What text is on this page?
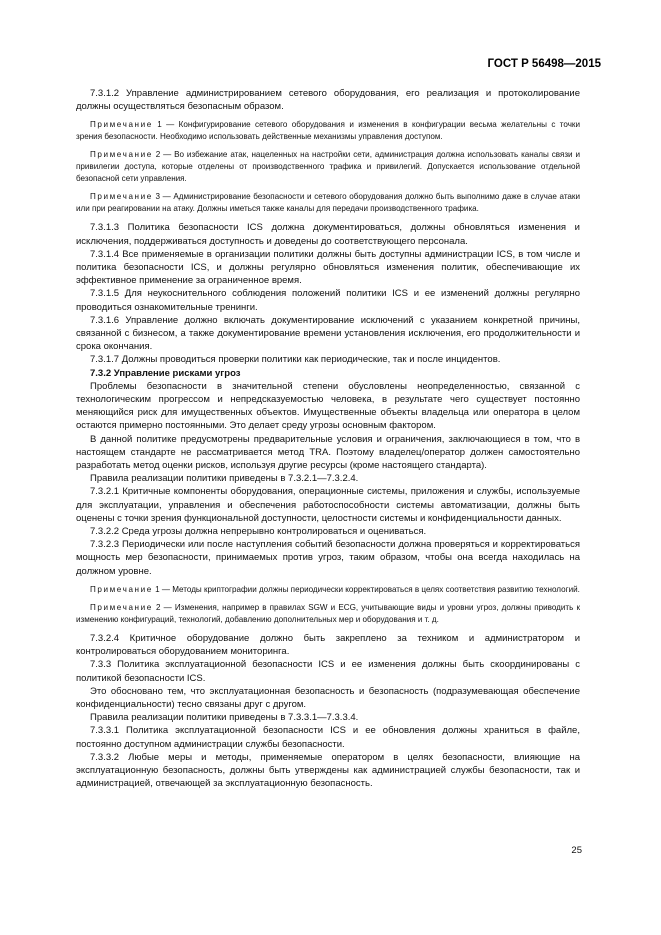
ГОСТ Р 56498—2015

7.3.1.2 Управление администрированием сетевого оборудования, его реализация и протоколирование должны осуществляться безопасным образом.

Примечание 1 — Конфигурирование сетевого оборудования и изменения в конфигурации весьма желательны с точки зрения безопасности. Необходимо использовать действенные механизмы управления доступом.

Примечание 2 — Во избежание атак, нацеленных на настройки сети, администрация должна использовать каналы связи и привилегии доступа, которые отделены от производственного трафика и привилегий. Допускается использование отдельной безопасной сети управления.

Примечание 3 — Администрирование безопасности и сетевого оборудования должно быть выполнимо даже в случае атаки или при реагировании на атаку. Должны иметься также каналы для передачи производственного трафика.

7.3.1.3 Политика безопасности ICS должна документироваться, должны обновляться изменения и исключения, поддерживаться доступность и доведены до соответствующего персонала.

7.3.1.4 Все применяемые в организации политики должны быть доступны администрации ICS, в том числе и политика безопасности ICS, и должны регулярно обновляться изменения политик, обеспечивающие их эффективное применение за ограниченное время.

7.3.1.5 Для неукоснительного соблюдения положений политики ICS и ее изменений должны регулярно проводиться ознакомительные тренинги.

7.3.1.6 Управление должно включать документирование исключений с указанием конкретной причины, связанной с бизнесом, а также документирование времени установления исключения, его продолжительности и срока окончания.

7.3.1.7 Должны проводиться проверки политики как периодические, так и после инцидентов.

7.3.2 Управление рисками угроз

Проблемы безопасности в значительной степени обусловлены неопределенностью, связанной с технологическим прогрессом и непредсказуемостью человека, в результате чего существует постоянно меняющийся риск для имущественных объектов. Имущественные объекты владельца или оператора в целом остаются примерно постоянными. Это делает среду угрозы основным фактором.

В данной политике предусмотрены предварительные условия и ограничения, заключающиеся в том, что в настоящем стандарте не рассматривается метод TRA. Поэтому владелец/оператор должен самостоятельно разработать метод оценки рисков, используя другие ресурсы (кроме настоящего стандарта).

Правила реализации политики приведены в 7.3.2.1—7.3.2.4.

7.3.2.1 Критичные компоненты оборудования, операционные системы, приложения и службы, используемые для эксплуатации, управления и обеспечения работоспособности системы автоматизации, должны быть оценены с точки зрения функциональной доступности, целостности системы и конфиденциальности данных.

7.3.2.2 Среда угрозы должна непрерывно контролироваться и оцениваться.

7.3.2.3 Периодически или после наступления событий безопасности должна проверяться и корректироваться мощность мер безопасности, принимаемых против угроз, таким образом, чтобы она всегда находилась на должном уровне.

Примечание 1 — Методы криптографии должны периодически корректироваться в целях соответствия развитию технологий.

Примечание 2 — Изменения, например в правилах SGW и ECG, учитывающие виды и уровни угроз, должны приводить к изменению конфигураций, технологий, добавлению дополнительных мер и оборудования и т. д.

7.3.2.4 Критичное оборудование должно быть закреплено за техником и администратором и контролироваться оборудованием мониторинга.

7.3.3 Политика эксплуатационной безопасности ICS и ее изменения должны быть скоординированы с политикой безопасности ICS.

Это обосновано тем, что эксплуатационная безопасность и безопасность (подразумевающая обеспечение конфиденциальности) тесно связаны друг с другом.

Правила реализации политики приведены в 7.3.3.1—7.3.3.4.

7.3.3.1 Политика эксплуатационной безопасности ICS и ее обновления должны храниться в файле, постоянно доступном администрации службы безопасности.

7.3.3.2 Любые меры и методы, применяемые оператором в целях безопасности, влияющие на эксплуатационную безопасность, должны быть утверждены как администрацией службы безопасности, так и администрацией, отвечающей за эксплуатационную безопасность.

25
